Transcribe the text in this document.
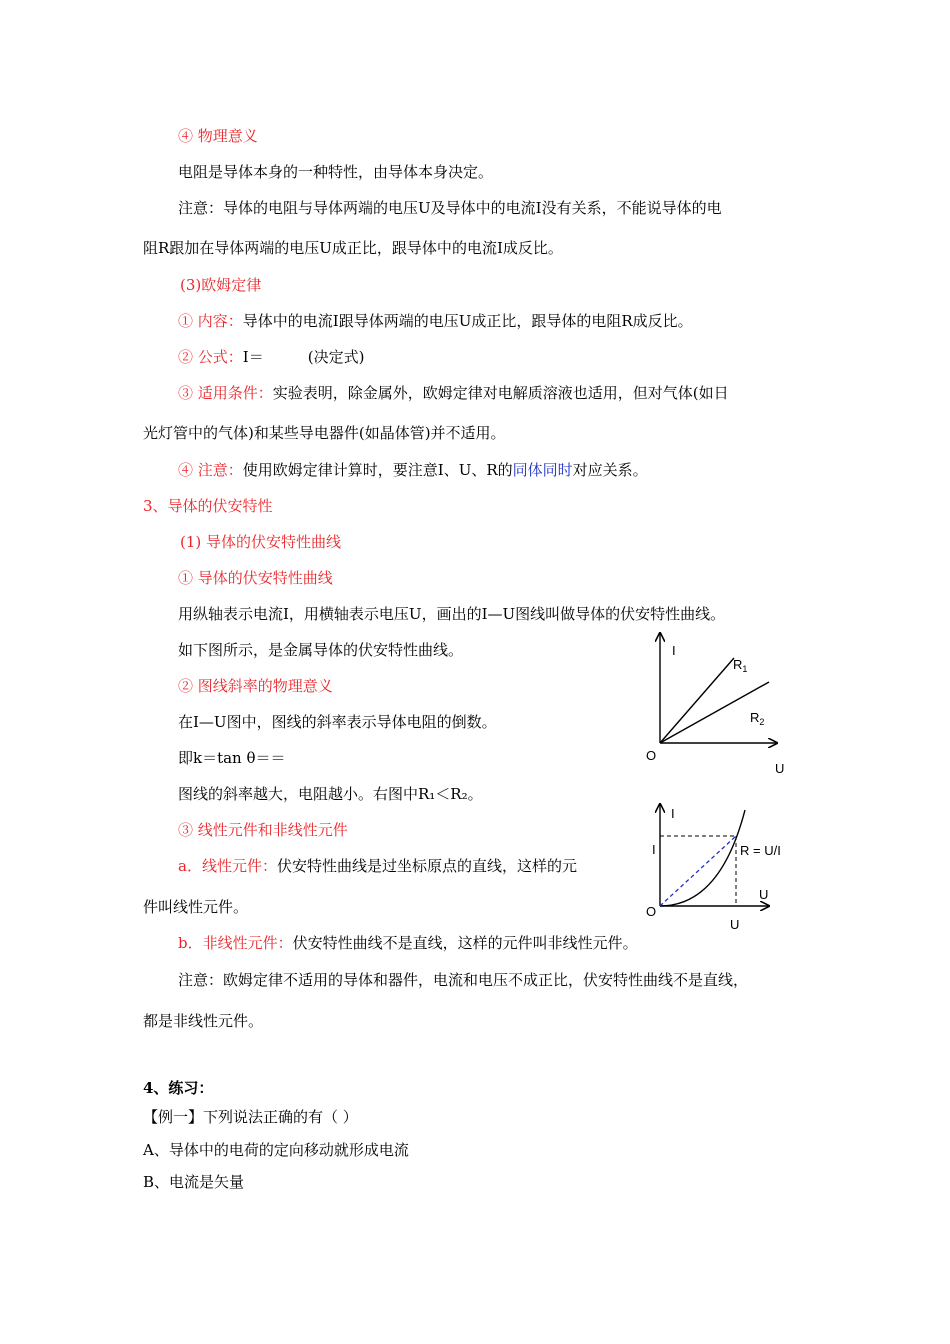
④ 物理意义
电阻是导体本身的一种特性，由导体本身决定。
注意：导体的电阻与导体两端的电压U及导体中的电流I没有关系，不能说导体的电
阻R跟加在导体两端的电压U成正比，跟导体中的电流I成反比。
(3)欧姆定律
① 内容：导体中的电流I跟导体两端的电压U成正比，跟导体的电阻R成反比。
② 公式：I＝	(决定式)
③ 适用条件：实验表明，除金属外，欧姆定律对电解质溶液也适用，但对气体(如日
光灯管中的气体)和某些导电器件(如晶体管)并不适用。
④ 注意：使用欧姆定律计算时，要注意I、U、R的同体同时对应关系。
3、导体的伏安特性
(1) 导体的伏安特性曲线
① 导体的伏安特性曲线
用纵轴表示电流I，用横轴表示电压U，画出的I—U图线叫做导体的伏安特性曲线。
如下图所示，是金属导体的伏安特性曲线。
② 图线斜率的物理意义
在I—U图中，图线的斜率表示导体电阻的倒数。
即k＝tan θ＝＝
图线的斜率越大，电阻越小。右图中R₁＜R₂。
③ 线性元件和非线性元件
a．线性元件：伏安特性曲线是过坐标原点的直线，这样的元
件叫线性元件。
b．非线性元件：伏安特性曲线不是直线，这样的元件叫非线性元件。
注意：欧姆定律不适用的导体和器件，电流和电压不成正比，伏安特性曲线不是直线，
都是非线性元件。
4、练习：
【例一】下列说法正确的有（ ）
A、导体中的电荷的定向移动就形成电流
B、电流是矢量
I
$R_1$
$R_2$
O
U
I
I	R = U/I
U
O
U
